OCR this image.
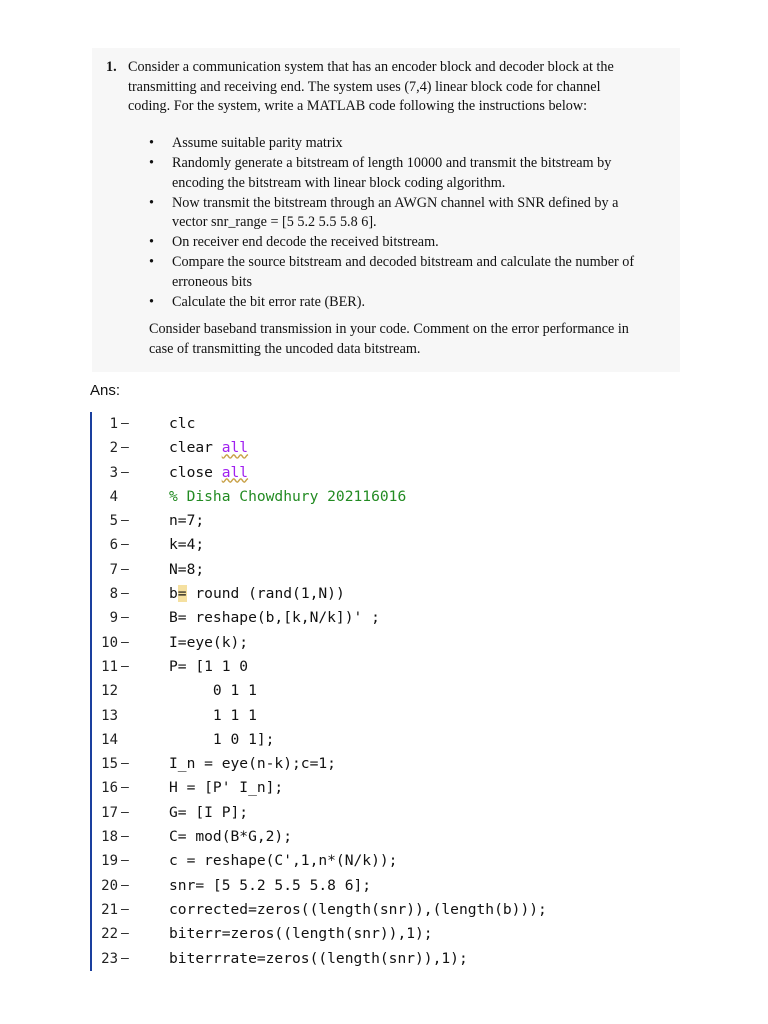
1. Consider a communication system that has an encoder block and decoder block at the
transmitting and receiving end. The system uses (7,4) linear block code for channel
coding. For the system, write a MATLAB code following the instructions below:
• Assume suitable parity matrix
• Randomly generate a bitstream of length 10000 and transmit the bitstream by
encoding the bitstream with linear block coding algorithm.
• Now transmit the bitstream through an AWGN channel with SNR defined by a
vector snr_range = [5 5.2 5.5 5.8 6].
• On receiver end decode the received bitstream.
• Compare the source bitstream and decoded bitstream and calculate the number of
erroneous bits
• Calculate the bit error rate (BER).
Consider baseband transmission in your code. Comment on the error performance in
case of transmitting the uncoded data bitstream.
Ans:
1 –	clc
2 –	clear all
3 –	close all
4	% Disha Chowdhury 202116016
5 –	n=7;
6 –	k=4;
7 –	N=8;
8 –	b= round (rand(1,N))
9 –	B= reshape(b,[k,N/k])' ;
10 –	I=eye(k);
11 –	P= [1 1 0
12	0 1 1
13	1 1 1
14	1 0 1];
15 –	I_n = eye(n-k);c=1;
16 –	H = [P' I_n];
17 –	G= [I P];
18 –	C= mod(B*G,2);
19 –	c = reshape(C',1,n*(N/k));
20 –	snr= [5 5.2 5.5 5.8 6];
21 –	corrected=zeros((length(snr)),(length(b)));
22 –	biterr=zeros((length(snr)),1);
23 –	biterrrate=zeros((length(snr)),1);
